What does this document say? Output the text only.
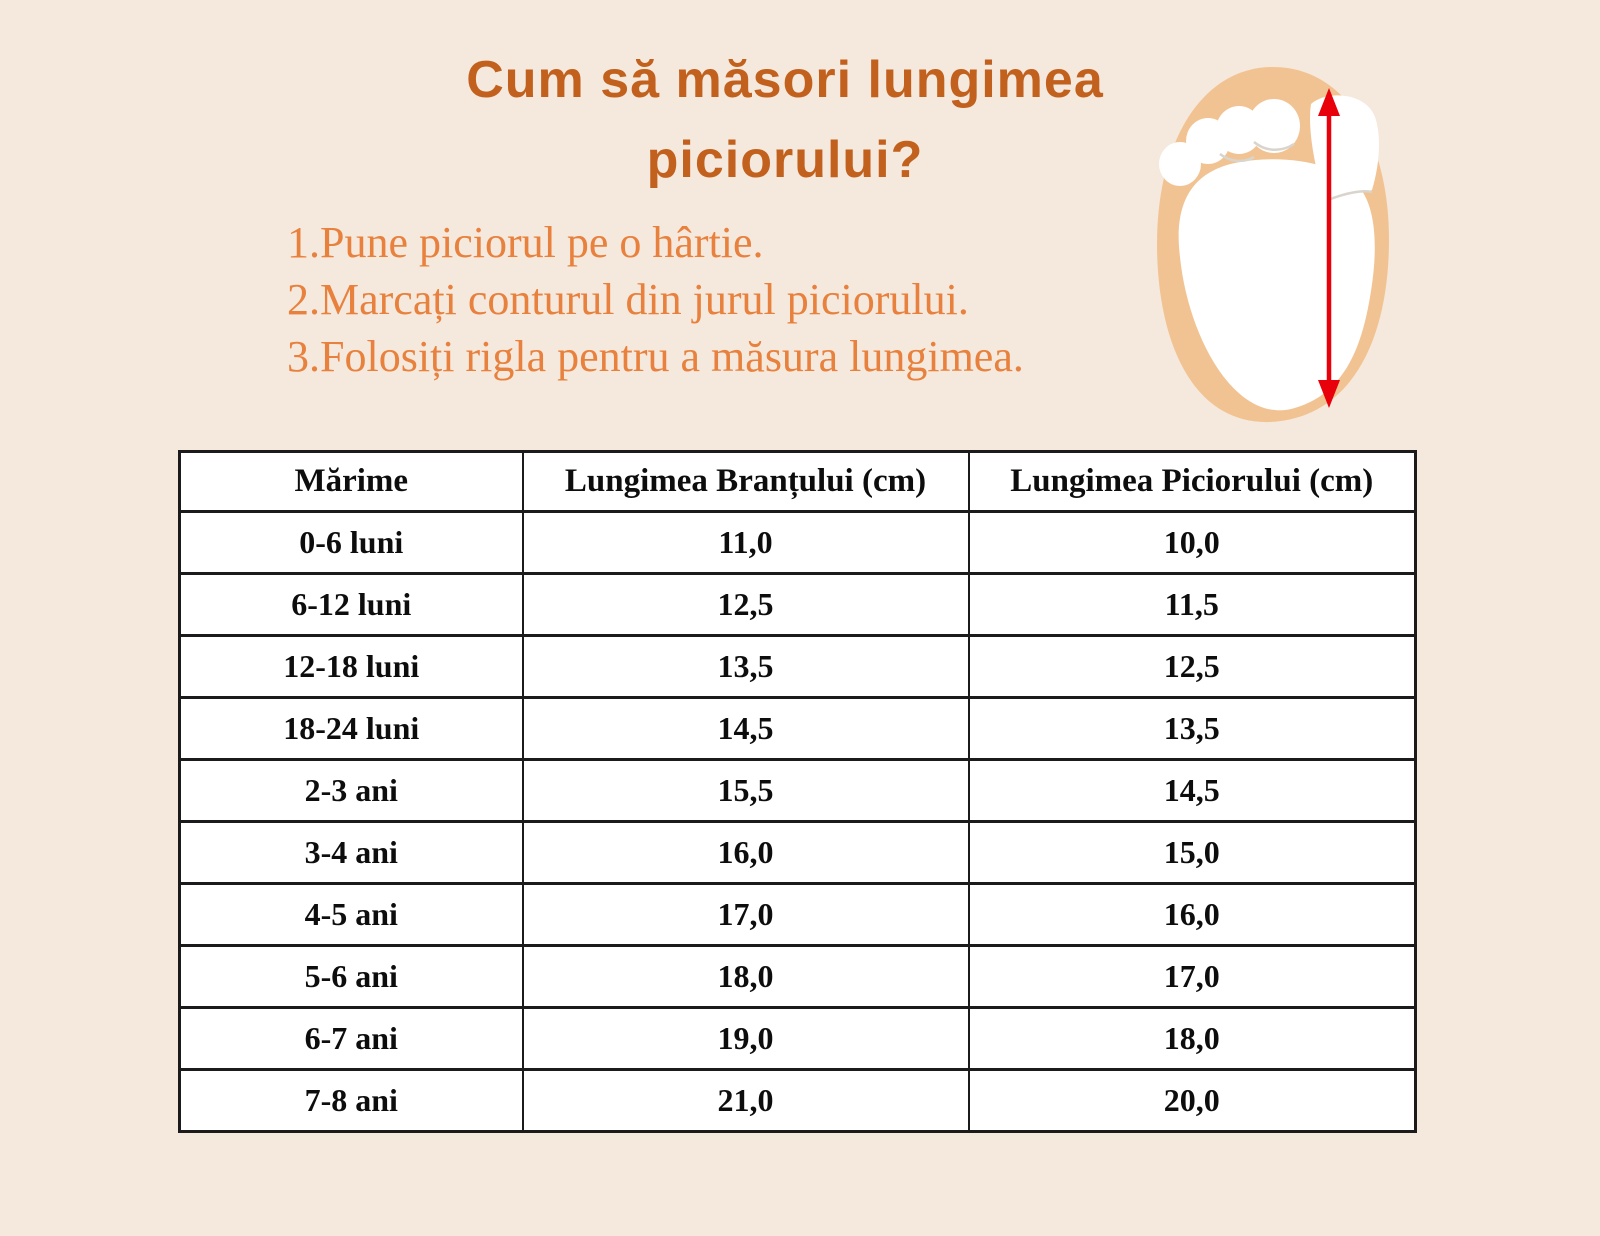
Cum să măsori lungimea
piciorului?
1.Pune piciorul pe o hârtie.
2.Marcați conturul din jurul piciorului.
3.Folosiți rigla pentru a măsura lungimea.
Mărime	Lungimea Branțului (cm)	Lungimea Piciorului (cm)
0-6 luni	11,0	10,0
6-12 luni	12,5	11,5
12-18 luni	13,5	12,5
18-24 luni	14,5	13,5
2-3 ani	15,5	14,5
3-4 ani	16,0	15,0
4-5 ani	17,0	16,0
5-6 ani	18,0	17,0
6-7 ani	19,0	18,0
7-8 ani	21,0	20,0
